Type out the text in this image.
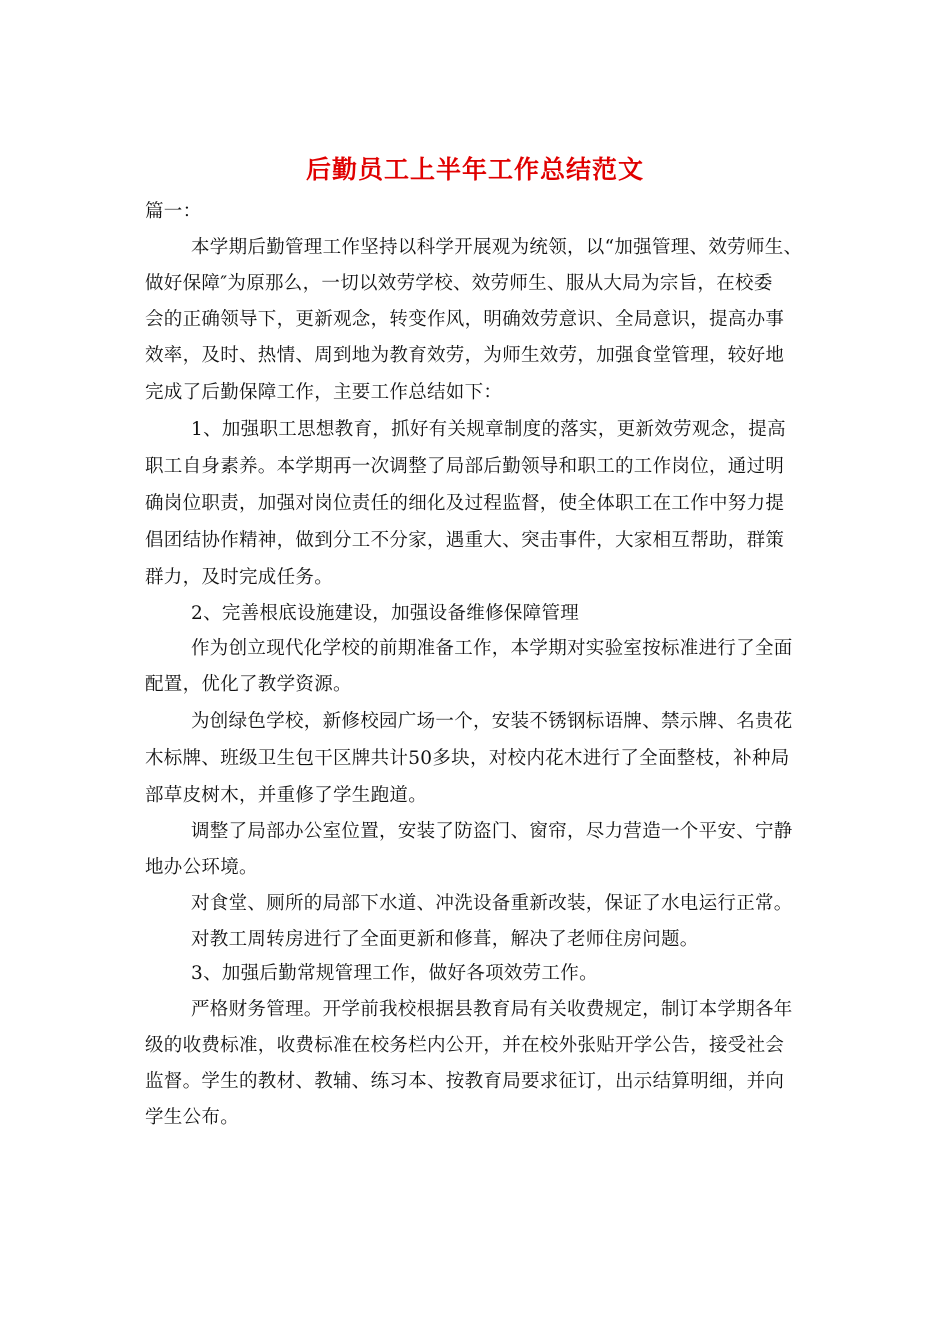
后勤员工上半年工作总结范文
篇一：
本学期后勤管理工作坚持以科学开展观为统领，以“加强管理、效劳师生、
做好保障″为原那么，一切以效劳学校、效劳师生、服从大局为宗旨，在校委
会的正确领导下，更新观念，转变作风，明确效劳意识、全局意识，提高办事
效率，及时、热情、周到地为教育效劳，为师生效劳，加强食堂管理，较好地
完成了后勤保障工作，主要工作总结如下：
1、加强职工思想教育，抓好有关规章制度的落实，更新效劳观念，提高
职工自身素养。本学期再一次调整了局部后勤领导和职工的工作岗位，通过明
确岗位职责，加强对岗位责任的细化及过程监督，使全体职工在工作中努力提
倡团结协作精神，做到分工不分家，遇重大、突击事件，大家相互帮助，群策
群力，及时完成任务。
2、完善根底设施建设，加强设备维修保障管理
作为创立现代化学校的前期准备工作，本学期对实验室按标准进行了全面
配置，优化了教学资源。
为创绿色学校，新修校园广场一个，安装不锈钢标语牌、禁示牌、名贵花
木标牌、班级卫生包干区牌共计50多块，对校内花木进行了全面整枝，补种局
部草皮树木，并重修了学生跑道。
调整了局部办公室位置，安装了防盗门、窗帘，尽力营造一个平安、宁静
地办公环境。
对食堂、厕所的局部下水道、冲洗设备重新改装，保证了水电运行正常。
对教工周转房进行了全面更新和修葺，解决了老师住房问题。
3、加强后勤常规管理工作，做好各项效劳工作。
严格财务管理。开学前我校根据县教育局有关收费规定，制订本学期各年
级的收费标准，收费标准在校务栏内公开，并在校外张贴开学公告，接受社会
监督。学生的教材、教辅、练习本、按教育局要求征订，出示结算明细，并向
学生公布。
